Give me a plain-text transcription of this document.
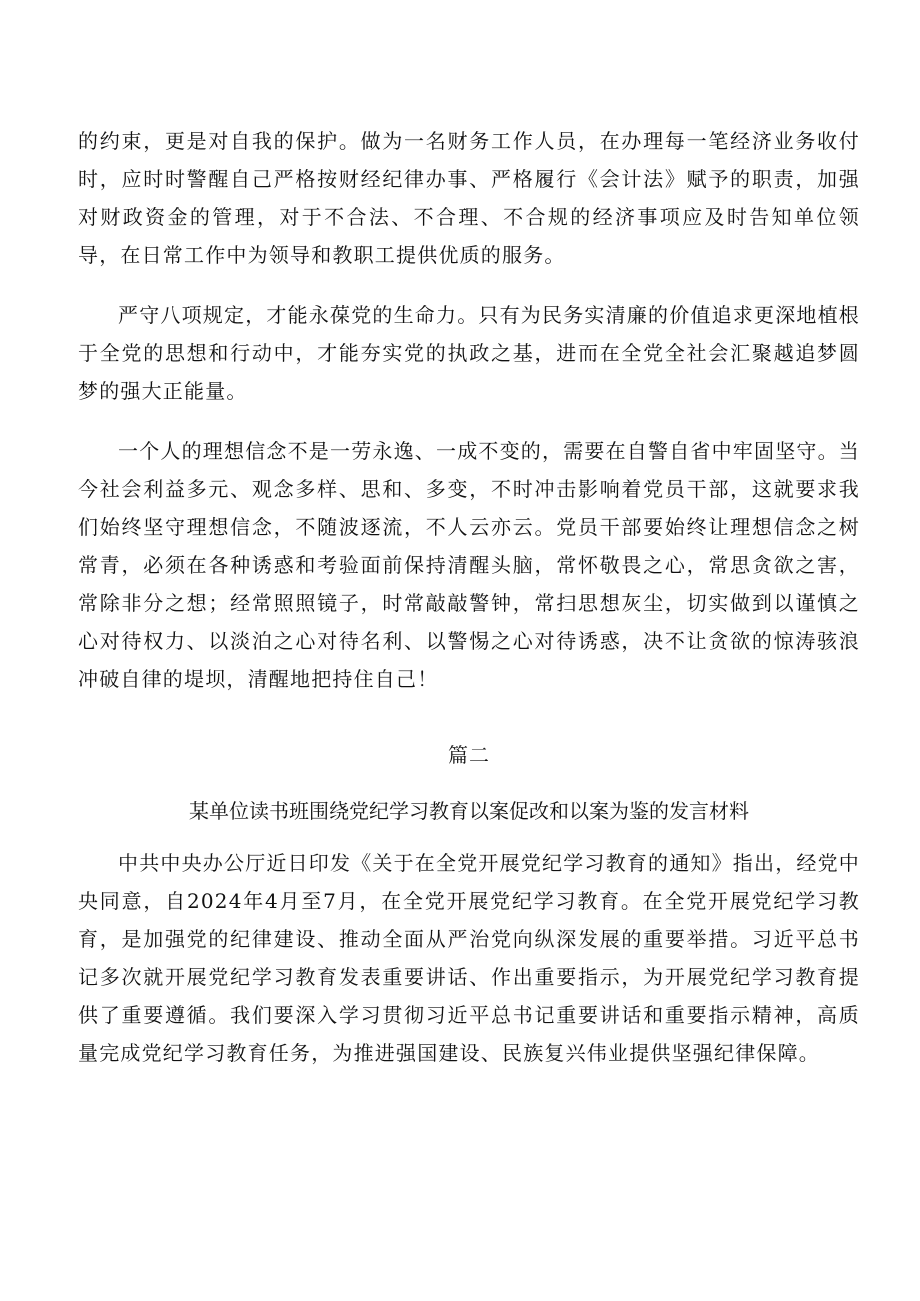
的约束，更是对自我的保护。做为一名财务工作人员，在办理每一笔经济业务收付时，应时时警醒自己严格按财经纪律办事、严格履行《会计法》赋予的职责，加强对财政资金的管理，对于不合法、不合理、不合规的经济事项应及时告知单位领导，在日常工作中为领导和教职工提供优质的服务。

严守八项规定，才能永葆党的生命力。只有为民务实清廉的价值追求更深地植根于全党的思想和行动中，才能夯实党的执政之基，进而在全党全社会汇聚越追梦圆梦的强大正能量。

一个人的理想信念不是一劳永逸、一成不变的，需要在自警自省中牢固坚守。当今社会利益多元、观念多样、思和、多变，不时冲击影响着党员干部，这就要求我们始终坚守理想信念，不随波逐流，不人云亦云。党员干部要始终让理想信念之树常青，必须在各种诱惑和考验面前保持清醒头脑，常怀敬畏之心，常思贪欲之害，常除非分之想；经常照照镜子，时常敲敲警钟，常扫思想灰尘，切实做到以谨慎之心对待权力、以淡泊之心对待名利、以警惕之心对待诱惑，决不让贪欲的惊涛骇浪冲破自律的堤坝，清醒地把持住自己！

篇二
某单位读书班围绕党纪学习教育以案促改和以案为鉴的发言材料

中共中央办公厅近日印发《关于在全党开展党纪学习教育的通知》指出，经党中央同意，自2024年4月至7月，在全党开展党纪学习教育。在全党开展党纪学习教育，是加强党的纪律建设、推动全面从严治党向纵深发展的重要举措。习近平总书记多次就开展党纪学习教育发表重要讲话、作出重要指示，为开展党纪学习教育提供了重要遵循。我们要深入学习贯彻习近平总书记重要讲话和重要指示精神，高质量完成党纪学习教育任务，为推进强国建设、民族复兴伟业提供坚强纪律保障。
